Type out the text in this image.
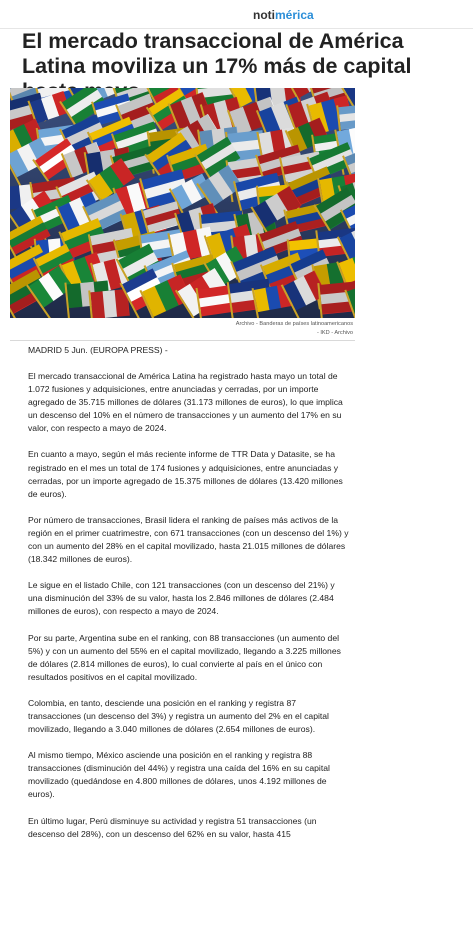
notimérica
El mercado transaccional de América Latina moviliza un 17% más de capital
Archivo - Banderas de países latinoamericanos
- IKD - Archivo
MADRID 5 Jun. (EUROPA PRESS) -

El mercado transaccional de América Latina ha registrado hasta mayo un total de 1.072 fusiones y adquisiciones, entre anunciadas y cerradas, por un importe agregado de 35.715 millones de dólares (31.173 millones de euros), lo que implica un descenso del 10% en el número de transacciones y un aumento del 17% en su valor, con respecto a mayo de 2024.

En cuanto a mayo, según el más reciente informe de TTR Data y Datasite, se ha registrado en el mes un total de 174 fusiones y adquisiciones, entre anunciadas y cerradas, por un importe agregado de 15.375 millones de dólares (13.420 millones de euros).

Por número de transacciones, Brasil lidera el ranking de países más activos de la región en el primer cuatrimestre, con 671 transacciones (con un descenso del 1%) y con un aumento del 28% en el capital movilizado, hasta 21.015 millones de dólares (18.342 millones de euros).

Le sigue en el listado Chile, con 121 transacciones (con un descenso del 21%) y una disminución del 33% de su valor, hasta los 2.846 millones de dólares (2.484 millones de euros), con respecto a mayo de 2024.

Por su parte, Argentina sube en el ranking, con 88 transacciones (un aumento del 5%) y con un aumento del 55% en el capital movilizado, llegando a 3.225 millones de dólares (2.814 millones de euros), lo cual convierte al país en el único con resultados positivos en el capital movilizado.

Colombia, en tanto, desciende una posición en el ranking y registra 87 transacciones (un descenso del 3%) y registra un aumento del 2% en el capital movilizado, llegando a 3.040 millones de dólares (2.654 millones de euros).

Al mismo tiempo, México asciende una posición en el ranking y registra 88 transacciones (disminución del 44%) y registra una caída del 16% en su capital movilizado (quedándose en 4.800 millones de dólares, unos 4.192 millones de euros).

En último lugar, Perú disminuye su actividad y registra 51 transacciones (un descenso del 28%), con un descenso del 62% en su valor, hasta 415
